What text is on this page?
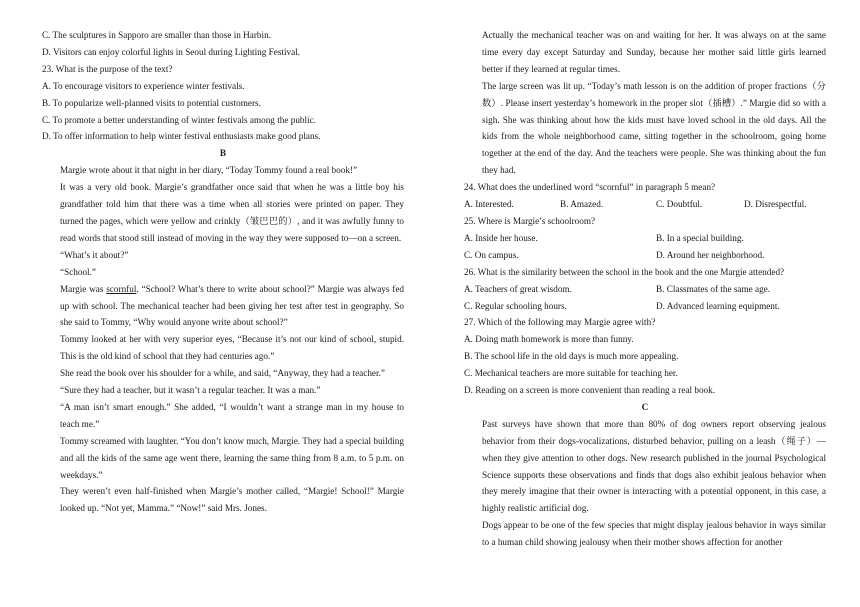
C. The sculptures in Sapporo are smaller than those in Harbin.
D. Visitors can enjoy colorful lights in Seoul during Lighting Festival.
23. What is the purpose of the text?
A. To encourage visitors to experience winter festivals.
B. To popularize well-planned visits to potential customers.
C. To promote a better understanding of winter festivals among the public.
D. To offer information to help winter festival enthusiasts make good plans.
B
Margie wrote about it that night in her diary, “Today Tommy found a real book!”
It was a very old book. Margie’s grandfather once said that when he was a little boy his grandfather told him that there was a time when all stories were printed on paper. They turned the pages, which were yellow and crinkly（皱巴巴的）, and it was awfully funny to read words that stood still instead of moving in the way they were supposed to—on a screen.
“What’s it about?”
“School.”
Margie was scornful. “School? What’s there to write about school?” Margie was always fed up with school. The mechanical teacher had been giving her test after test in geography. So she said to Tommy, “Why would anyone write about school?”
Tommy looked at her with very superior eyes, “Because it’s not our kind of school, stupid. This is the old kind of school that they had centuries ago.”
She read the book over his shoulder for a while, and said, “Anyway, they had a teacher.”
“Sure they had a teacher, but it wasn’t a regular teacher. It was a man.”
“A man isn’t smart enough.” She added, “I wouldn’t want a strange man in my house to teach me.”
Tommy screamed with laughter. “You don’t know much, Margie. They had a special building and all the kids of the same age went there, learning the same thing from 8 a.m. to 5 p.m. on weekdays.”
They weren’t even half-finished when Margie’s mother called, “Margie! School!” Margie looked up. “Not yet, Mamma.” “Now!” said Mrs. Jones.
Actually the mechanical teacher was on and waiting for her. It was always on at the same time every day except Saturday and Sunday, because her mother said little girls learned better if they learned at regular times.
The large screen was lit up. “Today’s math lesson is on the addition of proper fractions（分数）. Please insert yesterday’s homework in the proper slot（插槽）.” Margie did so with a sigh. She was thinking about how the kids must have loved school in the old days. All the kids from the whole neighborhood came, sitting together in the schoolroom, going home together at the end of the day. And the teachers were people. She was thinking about the fun they had.
24. What does the underlined word “scornful” in paragraph 5 mean?
A. Interested.	B. Amazed.	C. Doubtful.	D. Disrespectful.
25. Where is Margie’s schoolroom?
A. Inside her house.	B. In a special building.
C. On campus.	D. Around her neighborhood.
26. What is the similarity between the school in the book and the one Margie attended?
A. Teachers of great wisdom.	B. Classmates of the same age.
C. Regular schooling hours.	D. Advanced learning equipment.
27. Which of the following may Margie agree with?
A. Doing math homework is more than funny.
B. The school life in the old days is much more appealing.
C. Mechanical teachers are more suitable for teaching her.
D. Reading on a screen is more convenient than reading a real book.
C
Past surveys have shown that more than 80% of dog owners report observing jealous behavior from their dogs-vocalizations, disturbed behavior, pulling on a leash（绳子）—when they give attention to other dogs. New research published in the journal Psychological Science supports these observations and finds that dogs also exhibit jealous behavior when they merely imagine that their owner is interacting with a potential opponent, in this case, a highly realistic artificial dog.
Dogs appear to be one of the few species that might display jealous behavior in ways similar to a human child showing jealousy when their mother shows affection for another
